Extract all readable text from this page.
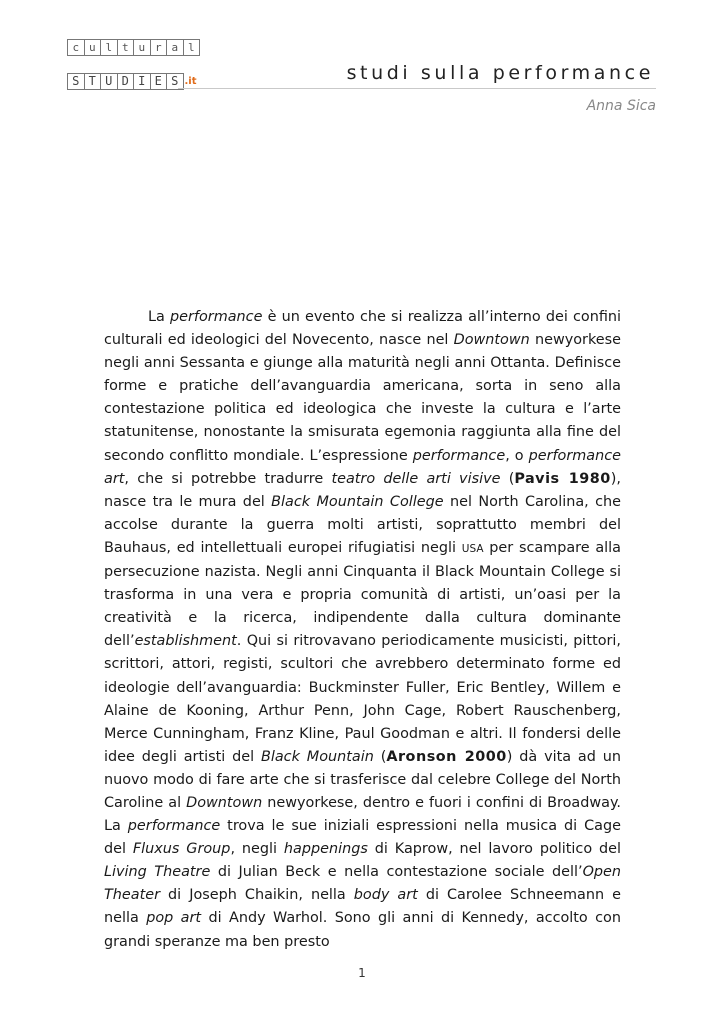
c u l t u r a l
S T U D I E S .it	studi sulla performance
Anna Sica

La performance è un evento che si realizza all’interno dei confini culturali ed ideologici del Novecento, nasce nel Downtown newyorkese negli anni Sessanta e giunge alla maturità negli anni Ottanta. Definisce forme e pratiche dell’avanguardia americana, sorta in seno alla contestazione politica ed ideologica che investe la cultura e l’arte statunitense, nonostante la smisurata egemonia raggiunta alla fine del secondo conflitto mondiale. L’espressione performance, o performance art, che si potrebbe tradurre teatro delle arti visive (Pavis 1980), nasce tra le mura del Black Mountain College nel North Carolina, che accolse durante la guerra molti artisti, soprattutto membri del Bauhaus, ed intellettuali europei rifugiatisi negli USA per scampare alla persecuzione nazista. Negli anni Cinquanta il Black Mountain College si trasforma in una vera e propria comunità di artisti, un’oasi per la creatività e la ricerca, indipendente dalla cultura dominante dell’establishment. Qui si ritrovavano periodicamente musicisti, pittori, scrittori, attori, registi, scultori che avrebbero determinato forme ed ideologie dell’avanguardia: Buckminster Fuller, Eric Bentley, Willem e Alaine de Kooning, Arthur Penn, John Cage, Robert Rauschenberg, Merce Cunningham, Franz Kline, Paul Goodman e altri. Il fondersi delle idee degli artisti del Black Mountain (Aronson 2000) dà vita ad un nuovo modo di fare arte che si trasferisce dal celebre College del North Caroline al Downtown newyorkese, dentro e fuori i confini di Broadway. La performance trova le sue iniziali espressioni nella musica di Cage del Fluxus Group, negli happenings di Kaprow, nel lavoro politico del Living Theatre di Julian Beck e nella contestazione sociale dell’Open Theater di Joseph Chaikin, nella body art di Carolee Schneemann e nella pop art di Andy Warhol. Sono gli anni di Kennedy, accolto con grandi speranze ma ben presto

1
